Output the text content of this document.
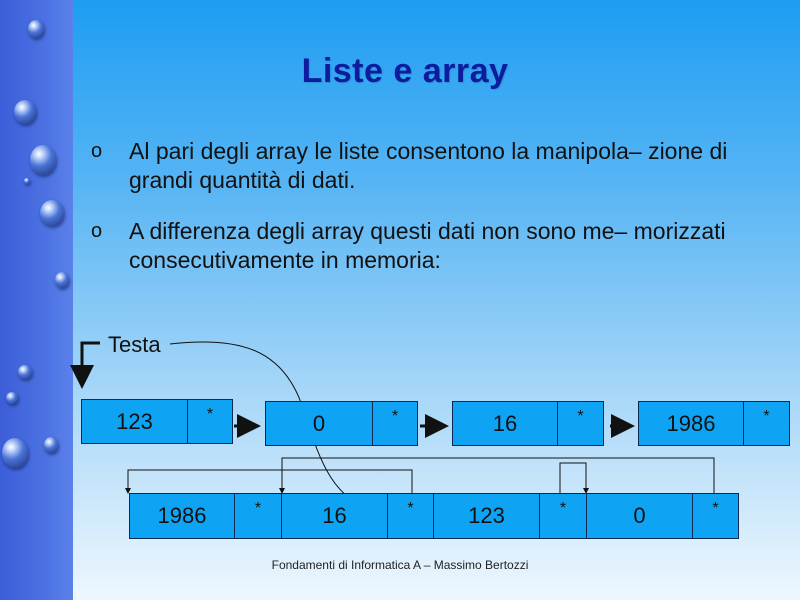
Liste e array
o Al pari degli array le liste consentono la manipola– zione di grandi quantità di dati.
o A differenza degli array questi dati non sono me– morizzati consecutivamente in memoria:
Testa
123	*	0	*	16	*	1986	*
1986	*	16	*	123	*	0	*
Fondamenti di Informatica A – Massimo Bertozzi
